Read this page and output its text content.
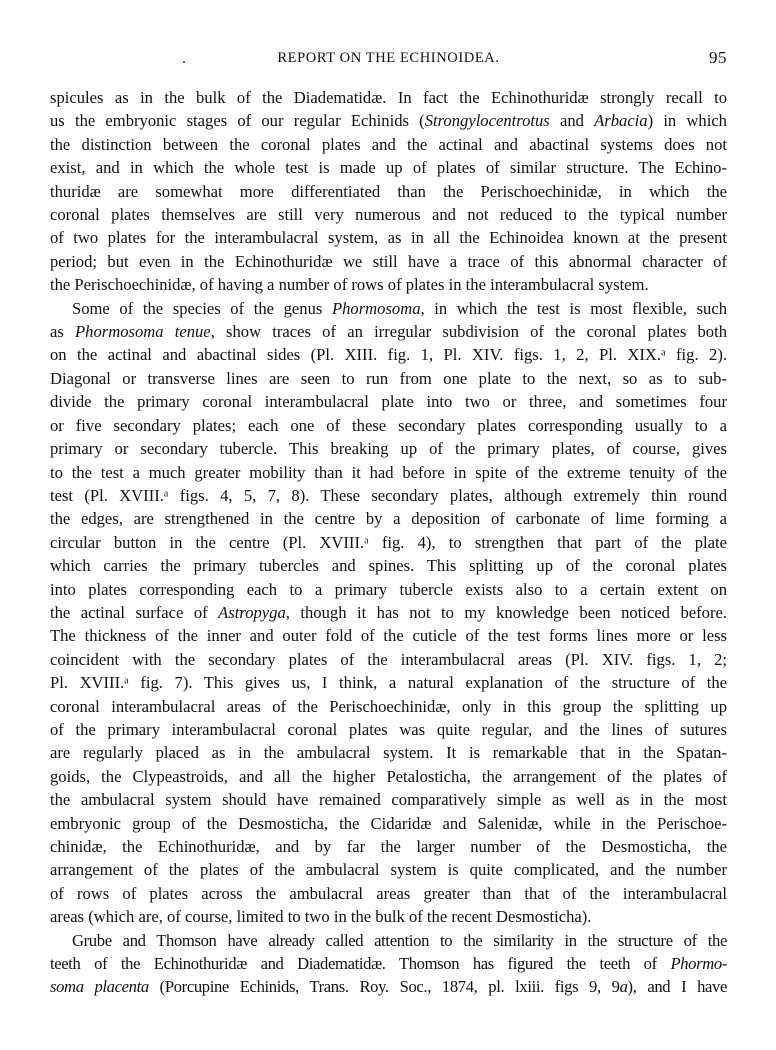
.	REPORT ON THE ECHINOIDEA.	95
spicules as in the bulk of the Diadematidæ. In fact the Echinothuridæ strongly recall to
us the embryonic stages of our regular Echinids (Strongylocentrotus and Arbacia) in which
the distinction between the coronal plates and the actinal and abactinal systems does not
exist, and in which the whole test is made up of plates of similar structure. The Echino-
thuridæ are somewhat more differentiated than the Perischoechinidæ, in which the
coronal plates themselves are still very numerous and not reduced to the typical number
of two plates for the interambulacral system, as in all the Echinoidea known at the present
period; but even in the Echinothuridæ we still have a trace of this abnormal character of
the Perischoechinidæ, of having a number of rows of plates in the interambulacral system.
Some of the species of the genus Phormosoma, in which the test is most flexible, such
as Phormosoma tenue, show traces of an irregular subdivision of the coronal plates both
on the actinal and abactinal sides (Pl. XIII. fig. 1, Pl. XIV. figs. 1, 2, Pl. XIX.ᵃ fig. 2).
Diagonal or transverse lines are seen to run from one plate to the next, so as to sub-
divide the primary coronal interambulacral plate into two or three, and sometimes four
or five secondary plates; each one of these secondary plates corresponding usually to a
primary or secondary tubercle. This breaking up of the primary plates, of course, gives
to the test a much greater mobility than it had before in spite of the extreme tenuity of the
test (Pl. XVIII.ᵃ figs. 4, 5, 7, 8). These secondary plates, although extremely thin round
the edges, are strengthened in the centre by a deposition of carbonate of lime forming a
circular button in the centre (Pl. XVIII.ᵃ fig. 4), to strengthen that part of the plate
which carries the primary tubercles and spines. This splitting up of the coronal plates
into plates corresponding each to a primary tubercle exists also to a certain extent on
the actinal surface of Astropyga, though it has not to my knowledge been noticed before.
The thickness of the inner and outer fold of the cuticle of the test forms lines more or less
coincident with the secondary plates of the interambulacral areas (Pl. XIV. figs. 1, 2;
Pl. XVIII.ᵃ fig. 7). This gives us, I think, a natural explanation of the structure of the
coronal interambulacral areas of the Perischoechinidæ, only in this group the splitting up
of the primary interambulacral coronal plates was quite regular, and the lines of sutures
are regularly placed as in the ambulacral system. It is remarkable that in the Spatan-
goids, the Clypeastroids, and all the higher Petalosticha, the arrangement of the plates of
the ambulacral system should have remained comparatively simple as well as in the most
embryonic group of the Desmosticha, the Cidaridæ and Salenidæ, while in the Perischoe-
chinidæ, the Echinothuridæ, and by far the larger number of the Desmosticha, the
arrangement of the plates of the ambulacral system is quite complicated, and the number
of rows of plates across the ambulacral areas greater than that of the interambulacral
areas (which are, of course, limited to two in the bulk of the recent Desmosticha).
Grube and Thomson have already called attention to the similarity in the structure of the
teeth of the Echinothuridæ and Diadematidæ. Thomson has figured the teeth of Phormo-
soma placenta (Porcupine Echinids, Trans. Roy. Soc., 1874, pl. lxiii. figs 9, 9a), and I have
